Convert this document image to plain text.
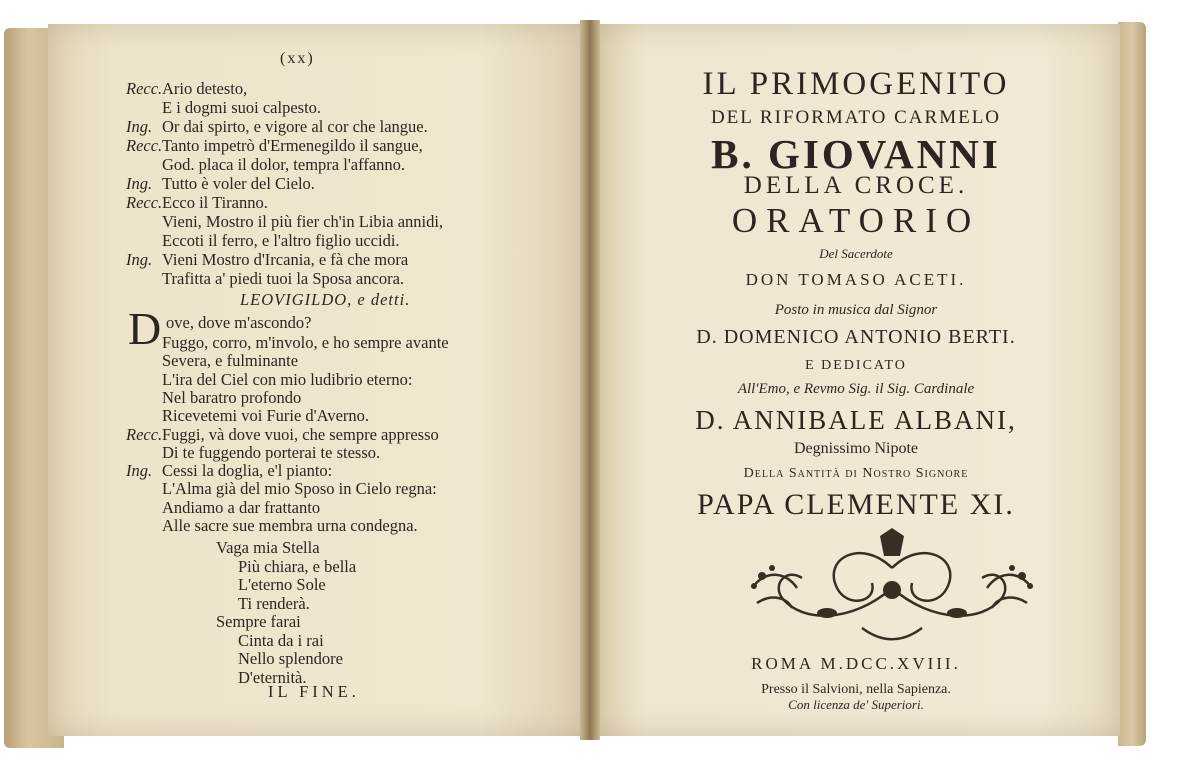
(xx)
Recc. Ario detesto,
E i dogmi suoi calpesto.
Ing. Or dai spirto, e vigore al cor che langue.
Recc. Tanto impetrò d'Ermenegildo il sangue,
God. placa il dolor, tempra l'affanno.
Ing. Tutto è voler del Cielo.
Recc. Ecco il Tiranno.
Vieni, Mostro il più fier ch'in Libia annidi,
Eccoti il ferro, e l'altro figlio uccidi.
Ing. Vieni Mostro d'Ircania, e fà che mora
Trafitta a' piedi tuoi la Sposa ancora.
LEOVIGILDO, e detti.
D ove, dove m'ascondo?
Fuggo, corro, m'involo, e ho sempre avante
Severa, e fulminante
L'ira del Ciel con mio ludibrio eterno:
Nel baratro profondo
Ricevetemi voi Furie d'Averno.
Recc. Fuggi, và dove vuoi, che sempre appresso
Di te fuggendo porterai te stesso.
Ing. Cessi la doglia, e'l pianto:
L'Alma già del mio Sposo in Cielo regna:
Andiamo a dar frattanto
Alle sacre sue membra urna condegna.
Vaga mia Stella
Più chiara, e bella
L'eterno Sole
Ti renderà.
Sempre farai
Cinta da i rai
Nello splendore
D'eternità.
IL FINE.
IL PRIMOGENITO
DEL RIFORMATO CARMELO
B. GIOVANNI
DELLA CROCE.
ORATORIO
Del Sacerdote
DON TOMASO ACETI.
Posto in musica dal Signor
D. DOMENICO ANTONIO BERTI.
E DEDICATO
All'Emo, e Revmo Sig. il Sig. Cardinale
D. ANNIBALE ALBANI,
Degnissimo Nipote
Della Santità di Nostro Signore
PAPA CLEMENTE XI.
ROMA M.DCC.XVIII.
Presso il Salvioni, nella Sapienza.
Con licenza de' Superiori.
